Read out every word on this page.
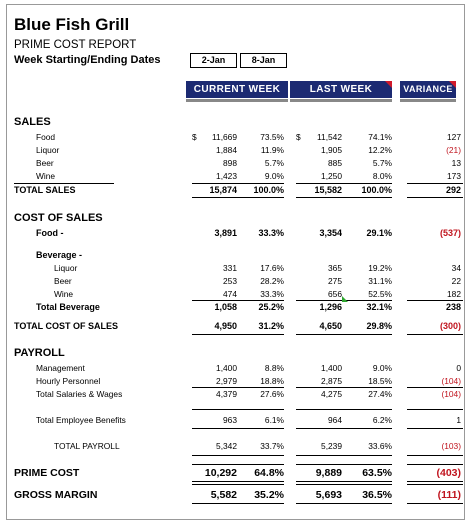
Blue Fish Grill
PRIME COST REPORT
Week Starting/Ending Dates	2-Jan	8-Jan
CURRENT WEEK	LAST WEEK	VARIANCE
SALES
Food	$	11,669	73.5% $	11,542	74.1%	127
Liquor	1,884	11.9%	1,905	12.2%	(21)
Beer	898	5.7%	885	5.7%	13
Wine	1,423	9.0%	1,250	8.0%	173
TOTAL SALES	15,874	100.0%	15,582	100.0%	292
COST OF SALES
Food -	3,891	33.3%	3,354	29.1%	(537)
Beverage -
Liquor	331	17.6%	365	19.2%	34
Beer	253	28.2%	275	31.1%	22
Wine	474	33.3%	656	52.5%	182
Total Beverage	1,058	25.2%	1,296	32.1%	238
TOTAL COST OF SALES	4,950	31.2%	4,650	29.8%	(300)
PAYROLL
Management	1,400	8.8%	1,400	9.0%	0
Hourly Personnel	2,979	18.8%	2,875	18.5%	(104)
Total Salaries & Wages	4,379	27.6%	4,275	27.4%	(104)
Total Employee Benefits	963	6.1%	964	6.2%	1
TOTAL PAYROLL	5,342	33.7%	5,239	33.6%	(103)
PRIME COST	10,292	64.8%	9,889	63.5%	(403)
GROSS MARGIN	5,582	35.2%	5,693	36.5%	(111)
